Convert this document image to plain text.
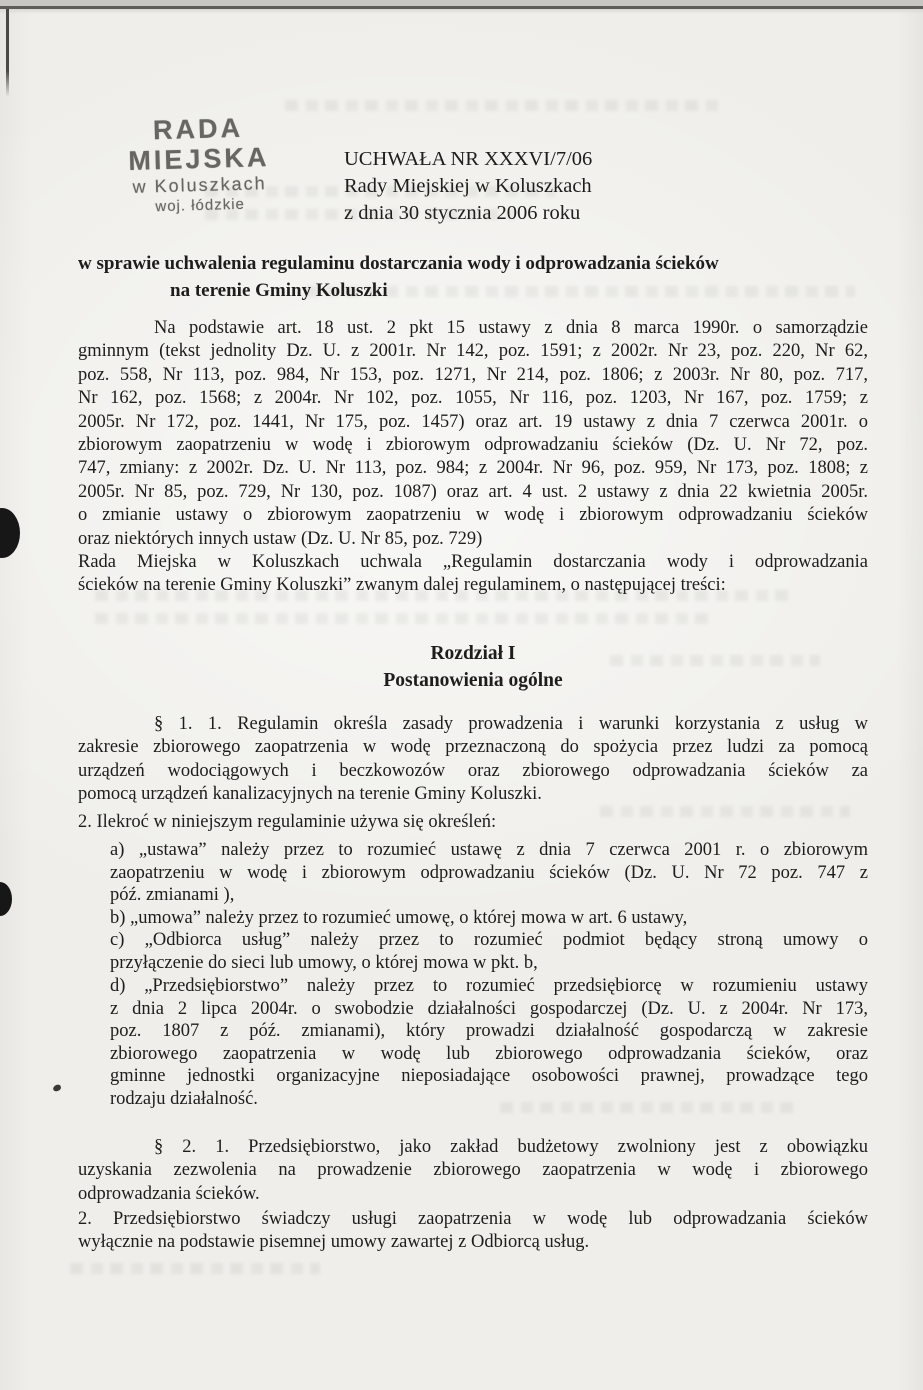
RADA MIEJSKA
w Koluszkach
woj. łódzkie
UCHWAŁA NR XXXVI/7/06
Rady Miejskiej w Koluszkach
z dnia 30 stycznia 2006 roku
w sprawie uchwalenia regulaminu dostarczania wody i odprowadzania ścieków
na terenie Gminy Koluszki
Na podstawie art. 18 ust. 2 pkt 15 ustawy z dnia 8 marca 1990r. o samorządzie
gminnym (tekst jednolity Dz. U. z 2001r. Nr 142, poz. 1591; z 2002r. Nr 23, poz. 220, Nr 62,
poz. 558, Nr 113, poz. 984, Nr 153, poz. 1271, Nr 214, poz. 1806; z 2003r. Nr 80, poz. 717,
Nr 162, poz. 1568; z 2004r. Nr 102, poz. 1055, Nr 116, poz. 1203, Nr 167, poz. 1759; z
2005r. Nr 172, poz. 1441, Nr 175, poz. 1457) oraz art. 19 ustawy z dnia 7 czerwca 2001r. o
zbiorowym zaopatrzeniu w wodę i zbiorowym odprowadzaniu ścieków (Dz. U. Nr 72, poz.
747, zmiany: z 2002r. Dz. U. Nr 113, poz. 984; z 2004r. Nr 96, poz. 959, Nr 173, poz. 1808; z
2005r. Nr 85, poz. 729, Nr 130, poz. 1087) oraz art. 4 ust. 2 ustawy z dnia 22 kwietnia 2005r.
o zmianie ustawy o zbiorowym zaopatrzeniu w wodę i zbiorowym odprowadzaniu ścieków
oraz niektórych innych ustaw (Dz. U. Nr 85, poz. 729)
Rada Miejska w Koluszkach uchwala „Regulamin dostarczania wody i odprowadzania
ścieków na terenie Gminy Koluszki” zwanym dalej regulaminem, o następującej treści:
Rozdział I
Postanowienia ogólne
§ 1. 1. Regulamin określa zasady prowadzenia i warunki korzystania z usług w
zakresie zbiorowego zaopatrzenia w wodę przeznaczoną do spożycia przez ludzi za pomocą
urządzeń wodociągowych i beczkowozów oraz zbiorowego odprowadzania ścieków za
pomocą urządzeń kanalizacyjnych na terenie Gminy Koluszki.
2. Ilekroć w niniejszym regulaminie używa się określeń:
a) „ustawa” należy przez to rozumieć ustawę z dnia 7 czerwca 2001 r. o zbiorowym
zaopatrzeniu w wodę i zbiorowym odprowadzaniu ścieków (Dz. U. Nr 72 poz. 747 z
póź. zmianami ),
b) „umowa” należy przez to rozumieć umowę, o której mowa w art. 6 ustawy,
c) „Odbiorca usług” należy przez to rozumieć podmiot będący stroną umowy o
przyłączenie do sieci lub umowy, o której mowa w pkt. b,
d) „Przedsiębiorstwo” należy przez to rozumieć przedsiębiorcę w rozumieniu ustawy
z dnia 2 lipca 2004r. o swobodzie działalności gospodarczej (Dz. U. z 2004r. Nr 173,
poz. 1807 z póź. zmianami), który prowadzi działalność gospodarczą w zakresie
zbiorowego zaopatrzenia w wodę lub zbiorowego odprowadzania ścieków, oraz
gminne jednostki organizacyjne nieposiadające osobowości prawnej, prowadzące tego
rodzaju działalność.
§ 2. 1. Przedsiębiorstwo, jako zakład budżetowy zwolniony jest z obowiązku
uzyskania zezwolenia na prowadzenie zbiorowego zaopatrzenia w wodę i zbiorowego
odprowadzania ścieków.
2. Przedsiębiorstwo świadczy usługi zaopatrzenia w wodę lub odprowadzania ścieków
wyłącznie na podstawie pisemnej umowy zawartej z Odbiorcą usług.
